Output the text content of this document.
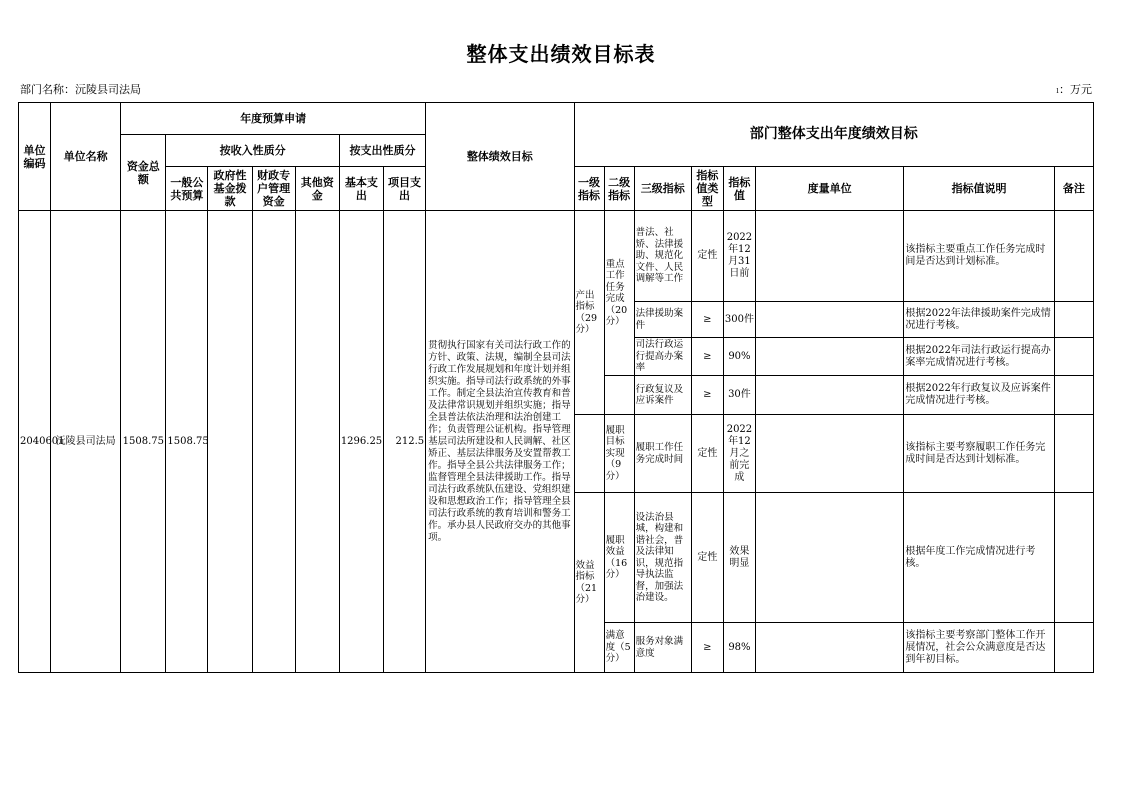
整体支出绩效目标表
部门名称：沅陵县司法局	ₗ：万元
单位编码	单位名称	年度预算申请							整体绩效目标	部门整体支出年度绩效目标							
		资金总额	按收入性质分				按支出性质分										
			一般公共预算	政府性基金拨款	财政专户管理资金	其他资金	基本支出	项目支出		一级指标	二级指标	三级指标	指标值类型	指标值	度量单位	指标值说明	备注
2040601	沅陵县司法局	1508.75	1508.75				1296.25	212.5	贯彻执行国家有关司法行政工作的方针、政策、法规，编制全县司法行政工作发展规划和年度计划并组织实施。指导司法行政系统的外事工作。制定全县法治宣传教育和普及法律常识规划并组织实施；指导全县普法依法治理和法治创建工作；负责管理公证机构。指导管理基层司法所建设和人民调解、社区矫正、基层法律服务及安置帮教工作。指导全县公共法律服务工作；监督管理全县法律援助工作。指导司法行政系统队伍建设、党组织建设和思想政治工作；指导管理全县司法行政系统的教育培训和警务工作。承办县人民政府交办的其他事项。	产出指标（29分）	重点工作任务完成（20分）	普法、社矫、法律援助、规范化文件、人民调解等工作	定性	2022年12月31日前		该指标主要重点工作任务完成时间是否达到计划标准。	
												法律援助案件	≥	300件		根据2022年法律援助案件完成情况进行考核。	
												司法行政运行提高办案率	≥	90%		根据2022年司法行政运行提高办案率完成情况进行考核。	
												行政复议及应诉案件	≥	30件		根据2022年行政复议及应诉案件完成情况进行考核。	
											履职目标实现（9分）	履职工作任务完成时间	定性	2022年12月之前完成		该指标主要考察履职工作任务完成时间是否达到计划标准。	
										效益指标（21分）	履职效益（16分）	设法治县城，构建和谐社会，普及法律知识，规范指导执法监督，加强法治建设。	定性	效果明显		根据年度工作完成情况进行考核。	
											满意度（5分）	服务对象满意度	≥	98%		该指标主要考察部门整体工作开展情况，社会公众满意度是否达到年初目标。	
